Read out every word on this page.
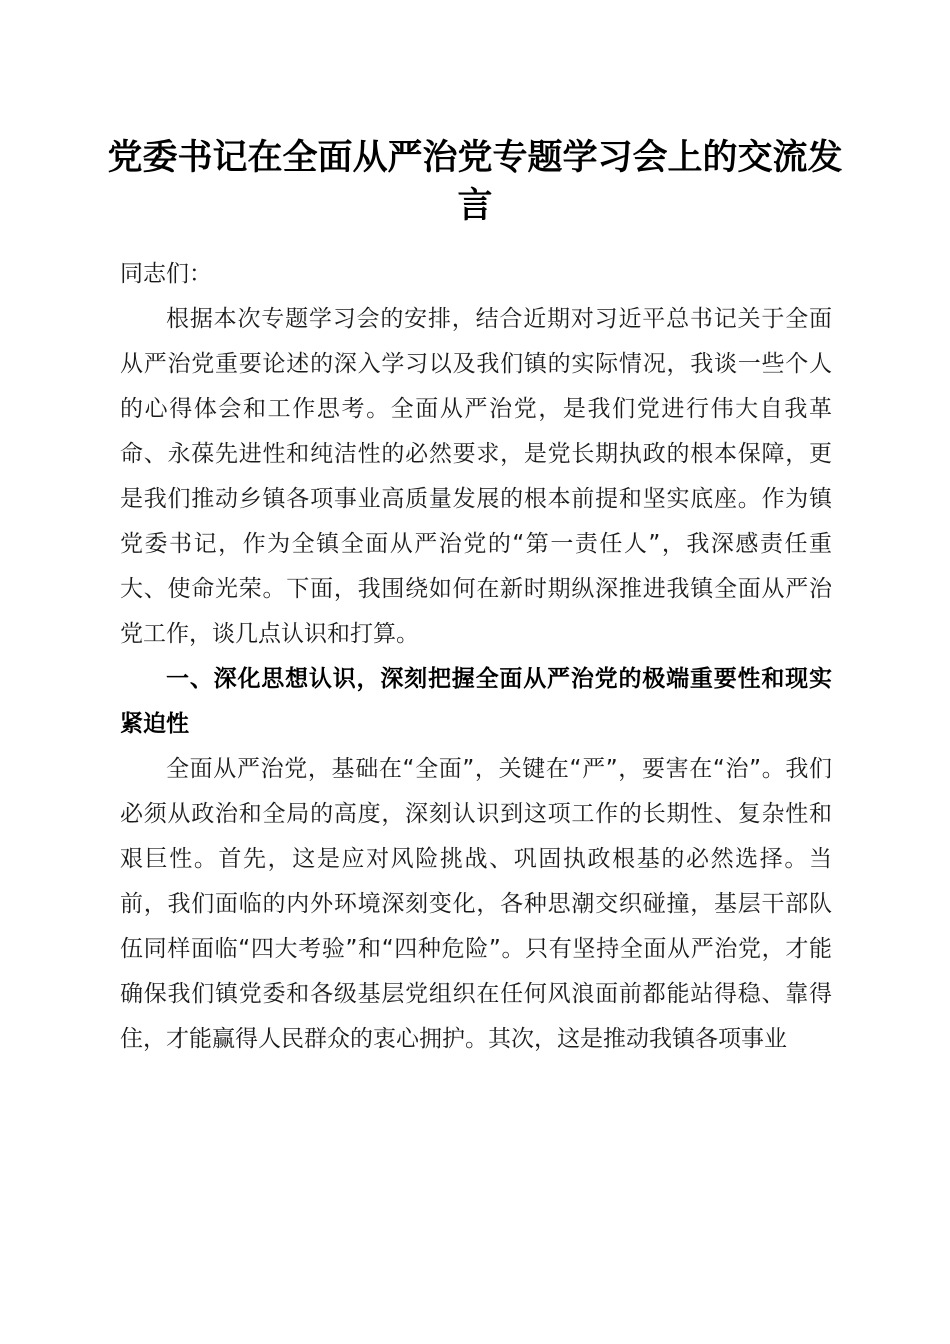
党委书记在全面从严治党专题学习会上的交流发言

同志们：

根据本次专题学习会的安排，结合近期对习近平总书记关于全面从严治党重要论述的深入学习以及我们镇的实际情况，我谈一些个人的心得体会和工作思考。全面从严治党，是我们党进行伟大自我革命、永葆先进性和纯洁性的必然要求，是党长期执政的根本保障，更是我们推动乡镇各项事业高质量发展的根本前提和坚实底座。作为镇党委书记，作为全镇全面从严治党的“第一责任人”，我深感责任重大、使命光荣。下面，我围绕如何在新时期纵深推进我镇全面从严治党工作，谈几点认识和打算。

一、深化思想认识，深刻把握全面从严治党的极端重要性和现实紧迫性

全面从严治党，基础在“全面”，关键在“严”，要害在“治”。我们必须从政治和全局的高度，深刻认识到这项工作的长期性、复杂性和艰巨性。首先，这是应对风险挑战、巩固执政根基的必然选择。当前，我们面临的内外环境深刻变化，各种思潮交织碰撞，基层干部队伍同样面临“四大考验”和“四种危险”。只有坚持全面从严治党，才能确保我们镇党委和各级基层党组织在任何风浪面前都能站得稳、靠得住，才能赢得人民群众的衷心拥护。其次，这是推动我镇各项事业
